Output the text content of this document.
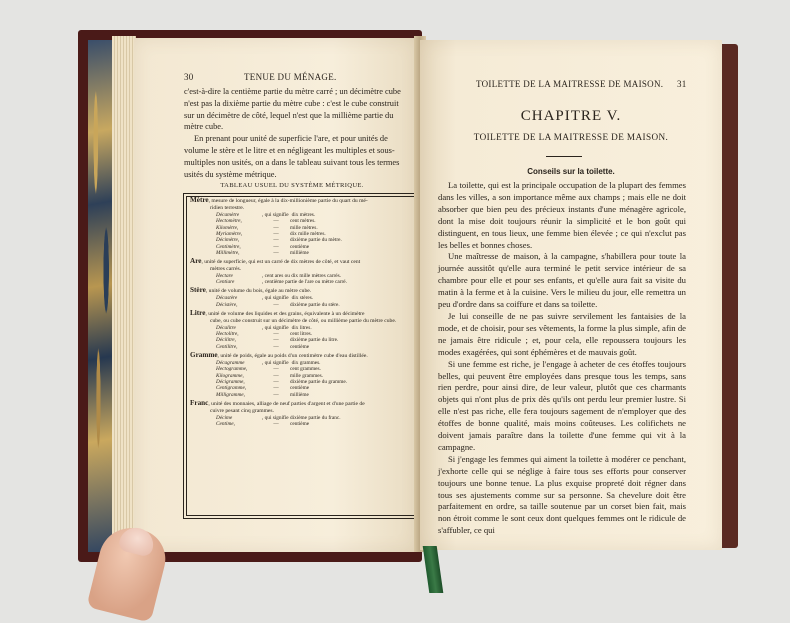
30	TENUE DU MÉNAGE.
c'est-à-dire la centième partie du mètre carré ; un décimètre cube
n'est pas la dixième partie du mètre cube : c'est le cube construit
sur un décimètre de côté, lequel n'est que la millième partie du
mètre cube.
En prenant pour unité de superficie l'are, et pour unités de
volume le stère et le litre et en négligeant les multiples et sous-
multiples non usités, on a dans le tableau suivant tous les termes
usités du système métrique.
TABLEAU USUEL DU SYSTÈME MÉTRIQUE.
Mètre, mesure de longueur, égale à la dix-millionième partie du quart du mé-
ridien terrestre.
Décamètre	, qui signifie dix mètres.
Hectomètre,	—	cent mètres.
Kilomètre,	—	mille mètres.
Myriamètre,	—	dix mille mètres.
Décimètre,	—	dixième partie du mètre.
Centimètre,	—	centième
Millimètre,	—	millième
Are, unité de superficie, qui est un carré de dix mètres de côté, et vaut cent
mètres carrés.
Hectare	, cent ares ou dix mille mètres carrés.
Centiare	, centième partie de l'are ou mètre carré.
Stère, unité de volume du bois, égale au mètre cube.
Décastère	, qui signifie dix stères.
Décistère,	—	dixième partie du stère.
Litre, unité de volume des liquides et des grains, équivalente à un décimètre
cube, ou cube construit sur un décimètre de côté, ou millième partie du mètre cube.
Décalitre	, qui signifie dix litres.
Hectolitre,	—	cent litres.
Décilitre,	—	dixième partie du litre.
Centilitre,	—	centième
Gramme, unité de poids, égale au poids d'un centimètre cube d'eau distillée.
Décagramme	, qui signifie dix grammes.
Hectogramme,	—	cent grammes.
Kilogramme,	—	mille grammes.
Décigramme,	—	dixième partie du gramme.
Centigramme,	—	centième
Milligramme,	—	millième
Franc, unité des monnaies, alliage de neuf parties d'argent et d'une partie de
cuivre pesant cinq grammes.
Décime	, qui signifie dixième partie du franc.
Centime,	—	centième
TOILETTE DE LA MAITRESSE DE MAISON. 31
CHAPITRE V.
TOILETTE DE LA MAITRESSE DE MAISON.
Conseils sur la toilette.

La toilette, qui est la principale occupation de la plupart des femmes dans les villes, a son importance même aux champs ; mais elle ne doit absorber que bien peu des précieux instants d'une ménagère agricole, dont la mise doit toujours réunir la simplicité et le bon goût qui distinguent, en tous lieux, une femme bien élevée ; ce qui n'exclut pas les belles et bonnes choses.

Une maîtresse de maison, à la campagne, s'habillera pour toute la journée aussitôt qu'elle aura terminé le petit service intérieur de sa chambre pour elle et pour ses enfants, et qu'elle aura fait sa visite du matin à la ferme et à la cuisine. Vers le milieu du jour, elle remettra un peu d'ordre dans sa coiffure et dans sa toilette.

Je lui conseille de ne pas suivre servilement les fantaisies de la mode, et de choisir, pour ses vêtements, la forme la plus simple, afin de ne jamais être ridicule ; et, pour cela, elle repoussera toujours les modes exagérées, qui sont éphémères et de mauvais goût.

Si une femme est riche, je l'engage à acheter de ces étoffes toujours belles, qui peuvent être employées dans presque tous les temps, sans rien perdre, pour ainsi dire, de leur valeur, plutôt que ces charmants objets qui n'ont plus de prix dès qu'ils ont perdu leur premier lustre. Si elle n'est pas riche, elle fera toujours sagement de n'employer que des étoffes de bonne qualité, mais moins coûteuses. Les colifichets ne doivent jamais paraître dans la toilette d'une femme qui vit à la campagne.

Si j'engage les femmes qui aiment la toilette à modérer ce penchant, j'exhorte celle qui se néglige à faire tous ses efforts pour conserver toujours une bonne tenue. La plus exquise propreté doit régner dans tous ses ajustements comme sur sa personne. Sa chevelure doit être parfaitement en ordre, sa taille soutenue par un corset bien fait, mais non étroit comme le sont ceux dont quelques femmes ont le ridicule de s'affubler, ce qui
